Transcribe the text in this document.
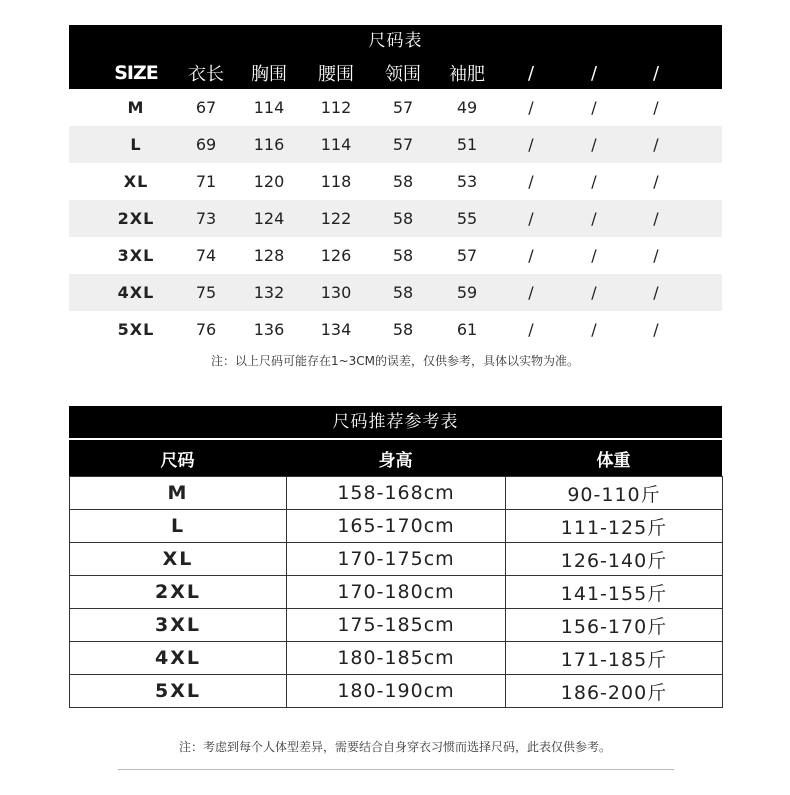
尺码表
SIZE 衣长 胸围 腰围 领围 袖肥 /	/	/
M	67 114 112	57	49	/	/	/
L	69 116 114	57	51	/	/	/
XL	71 120 118	58	53	/	/	/
2XL	73 124 122	58	55	/	/	/
3XL	74 128 126	58	57	/	/	/
4XL	75 132 130	58	59	/	/	/
5XL	76 136 134	58	61	/	/	/
注：以上尺码可能存在1~3CM的误差，仅供参考，具体以实物为准。
尺码推荐参考表
尺码	身高	体重
M	158-168cm	90-110斤
L	165-170cm	111-125斤
XL	170-175cm	126-140斤
2XL	170-180cm	141-155斤
3XL	175-185cm	156-170斤
4XL	180-185cm	171-185斤
5XL	180-190cm	186-200斤
注：考虑到每个人体型差异，需要结合自身穿衣习惯而选择尺码，此表仅供参考。
